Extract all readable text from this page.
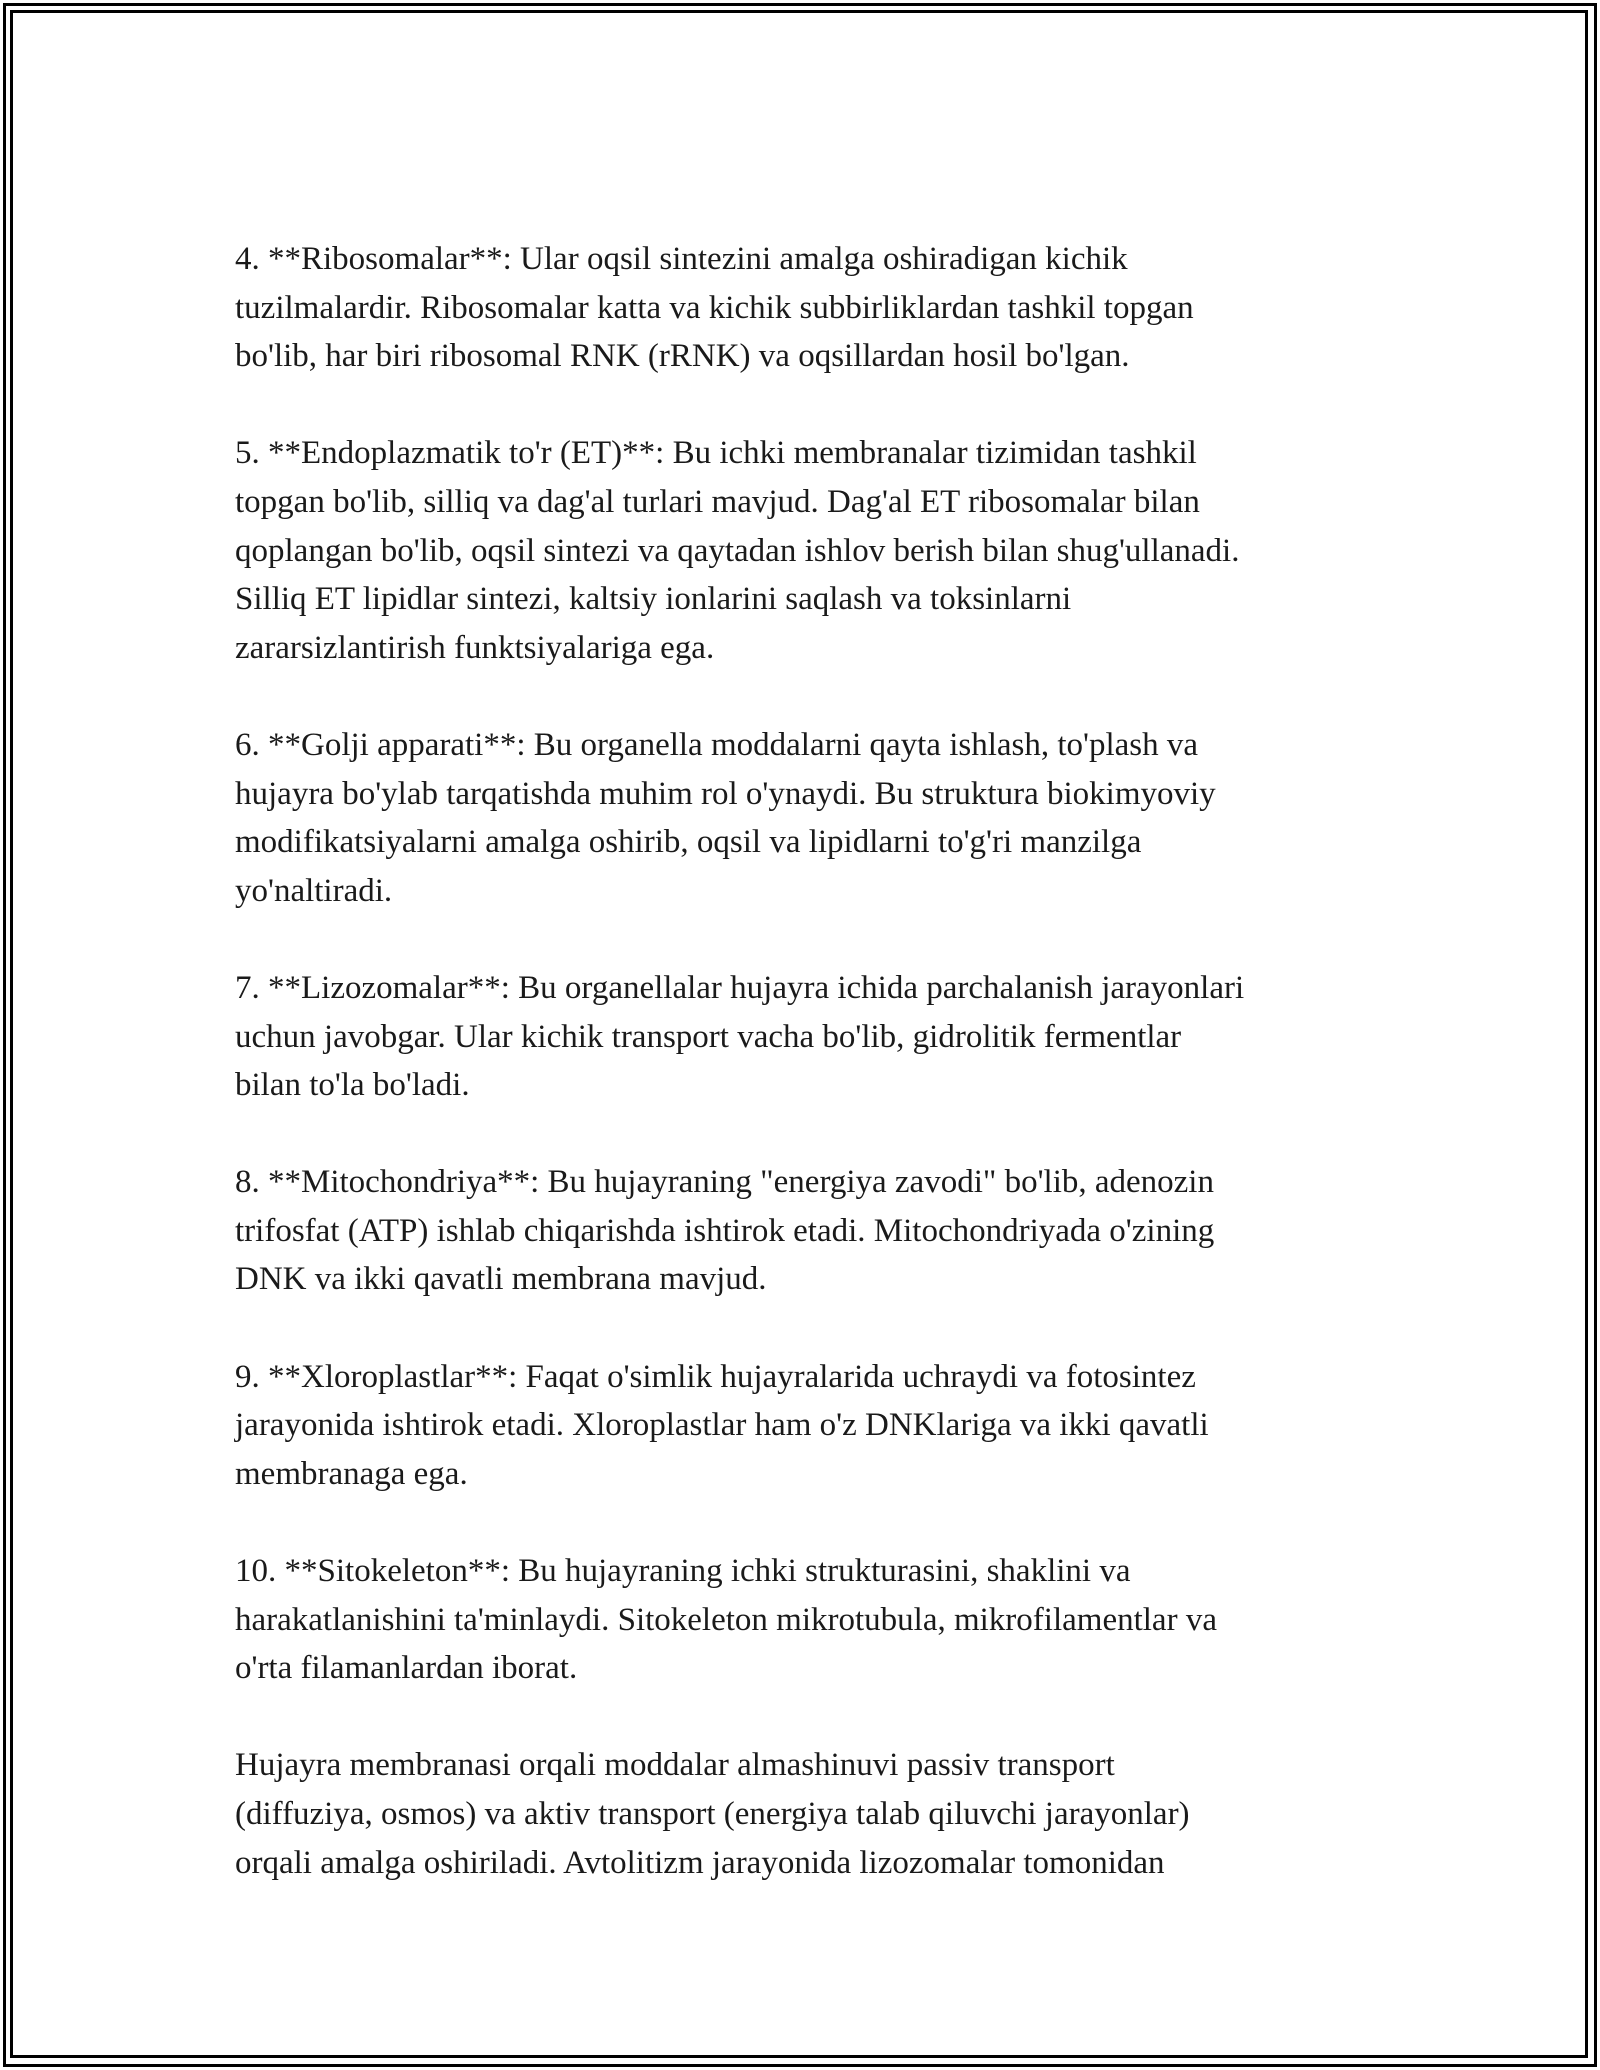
4. **Ribosomalar**: Ular oqsil sintezini amalga oshiradigan kichik
tuzilmalardir. Ribosomalar katta va kichik subbirliklardan tashkil topgan
bo'lib, har biri ribosomal RNK (rRNK) va oqsillardan hosil bo'lgan.

5. **Endoplazmatik to'r (ET)**: Bu ichki membranalar tizimidan tashkil
topgan bo'lib, silliq va dag'al turlari mavjud. Dag'al ET ribosomalar bilan
qoplangan bo'lib, oqsil sintezi va qaytadan ishlov berish bilan shug'ullanadi.
Silliq ET lipidlar sintezi, kaltsiy ionlarini saqlash va toksinlarni
zararsizlantirish funktsiyalariga ega.

6. **Golji apparati**: Bu organella moddalarni qayta ishlash, to'plash va
hujayra bo'ylab tarqatishda muhim rol o'ynaydi. Bu struktura biokimyoviy
modifikatsiyalarni amalga oshirib, oqsil va lipidlarni to'g'ri manzilga
yo'naltiradi.

7. **Lizozomalar**: Bu organellalar hujayra ichida parchalanish jarayonlari
uchun javobgar. Ular kichik transport vacha bo'lib, gidrolitik fermentlar
bilan to'la bo'ladi.

8. **Mitochondriya**: Bu hujayraning "energiya zavodi" bo'lib, adenozin
trifosfat (ATP) ishlab chiqarishda ishtirok etadi. Mitochondriyada o'zining
DNK va ikki qavatli membrana mavjud.

9. **Xloroplastlar**: Faqat o'simlik hujayralarida uchraydi va fotosintez
jarayonida ishtirok etadi. Xloroplastlar ham o'z DNKlariga va ikki qavatli
membranaga ega.

10. **Sitokeleton**: Bu hujayraning ichki strukturasini, shaklini va
harakatlanishini ta'minlaydi. Sitokeleton mikrotubula, mikrofilamentlar va
o'rta filamanlardan iborat.

Hujayra membranasi orqali moddalar almashinuvi passiv transport
(diffuziya, osmos) va aktiv transport (energiya talab qiluvchi jarayonlar)
orqali amalga oshiriladi. Avtolitizm jarayonida lizozomalar tomonidan
